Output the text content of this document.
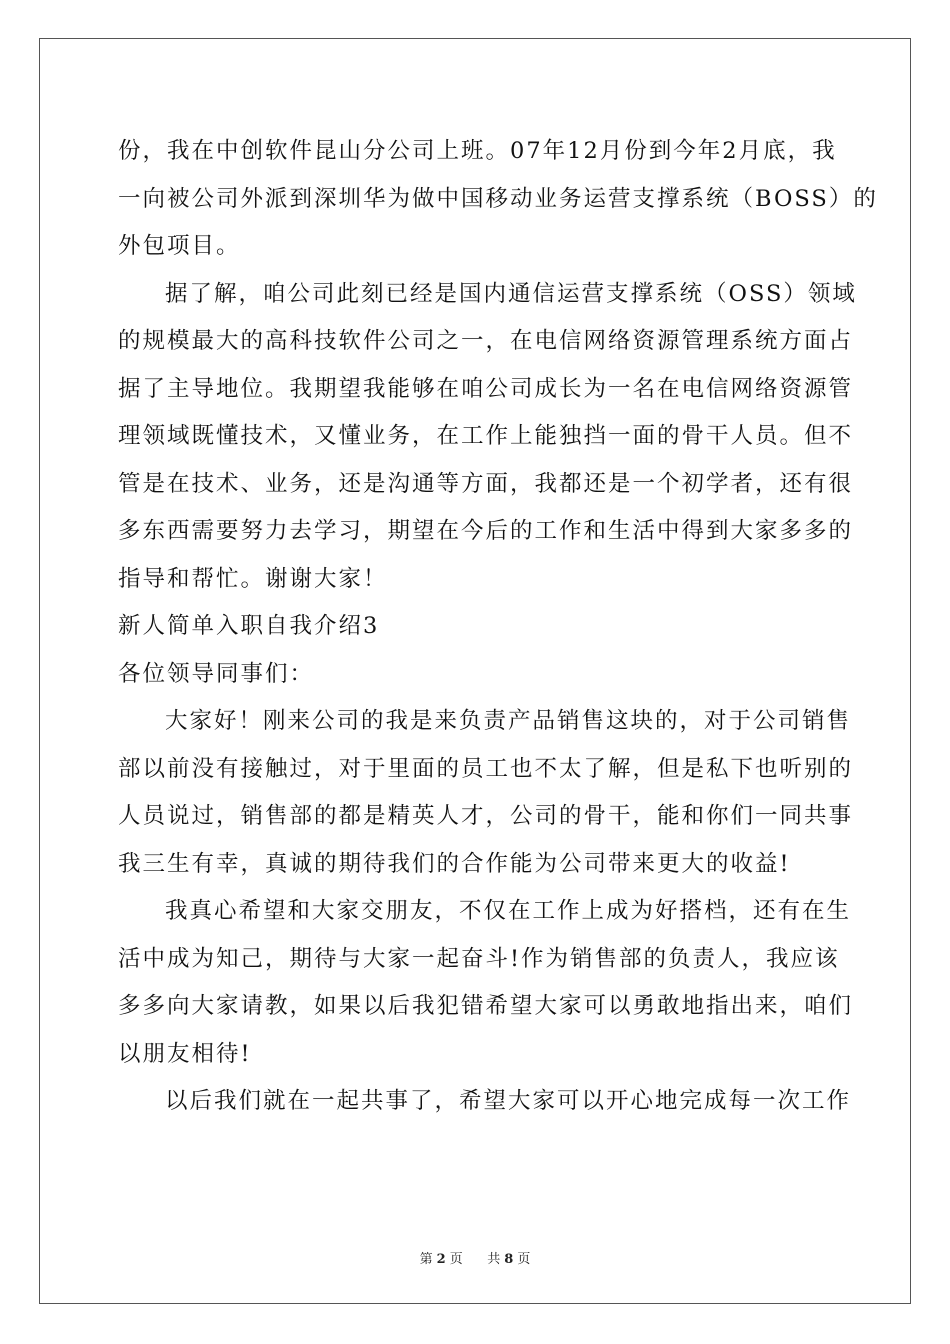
份，我在中创软件昆山分公司上班。07年12月份到今年2月底，我
一向被公司外派到深圳华为做中国移动业务运营支撑系统（BOSS）的
外包项目。
据了解，咱公司此刻已经是国内通信运营支撑系统（OSS）领域
的规模最大的高科技软件公司之一，在电信网络资源管理系统方面占
据了主导地位。我期望我能够在咱公司成长为一名在电信网络资源管
理领域既懂技术，又懂业务，在工作上能独挡一面的骨干人员。但不
管是在技术、业务，还是沟通等方面，我都还是一个初学者，还有很
多东西需要努力去学习，期望在今后的工作和生活中得到大家多多的
指导和帮忙。谢谢大家！
新人简单入职自我介绍3
各位领导同事们：
大家好！刚来公司的我是来负责产品销售这块的，对于公司销售
部以前没有接触过，对于里面的员工也不太了解，但是私下也听别的
人员说过，销售部的都是精英人才，公司的骨干，能和你们一同共事
我三生有幸，真诚的期待我们的合作能为公司带来更大的收益!
我真心希望和大家交朋友，不仅在工作上成为好搭档，还有在生
活中成为知己，期待与大家一起奋斗!作为销售部的负责人，我应该
多多向大家请教，如果以后我犯错希望大家可以勇敢地指出来，咱们
以朋友相待!
以后我们就在一起共事了，希望大家可以开心地完成每一次工作
第 2 页 共 8 页
